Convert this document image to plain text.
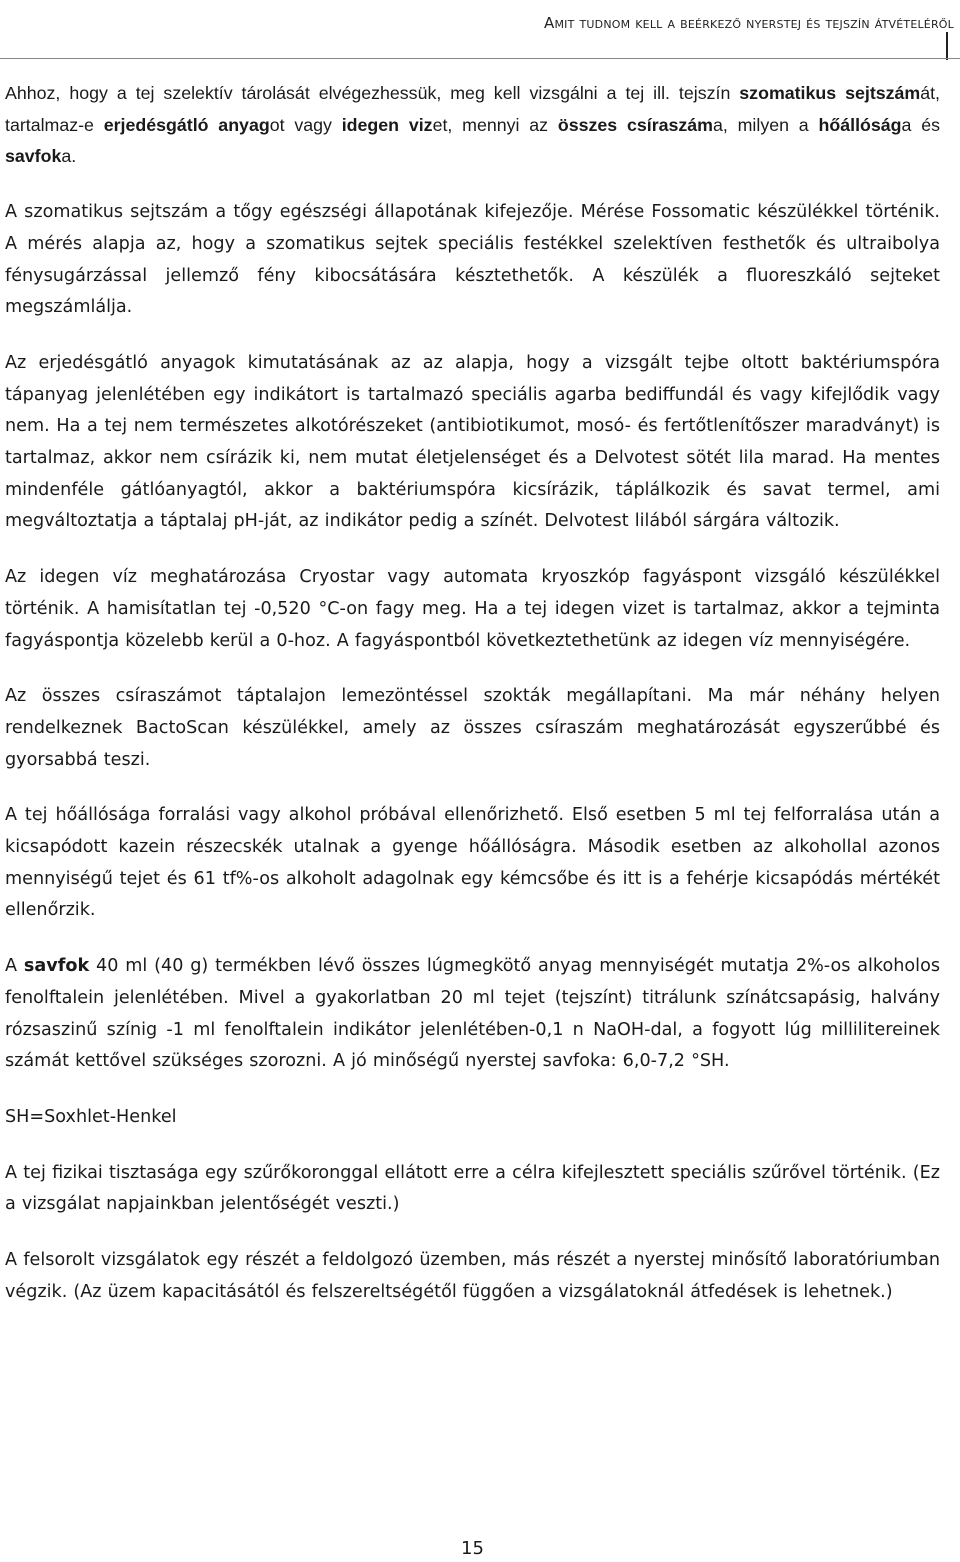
Amit tudnom kell a beérkező nyerstej és tejszín átvételéről

Ahhoz, hogy a tej szelektív tárolását elvégezhessük, meg kell vizsgálni a tej ill. tejszín szomatikus sejtszámát, tartalmaz-e erjedésgátló anyagot vagy idegen vizet, mennyi az összes csíraszáma, milyen a hőállósága és savfoka.

A szomatikus sejtszám a tőgy egészségi állapotának kifejezője. Mérése Fossomatic készülékkel történik. A mérés alapja az, hogy a szomatikus sejtek speciális festékkel szelektíven festhetők és ultraibolya fénysugárzással jellemző fény kibocsátására késztethetők. A készülék a fluoreszkáló sejteket megszámlálja.

Az erjedésgátló anyagok kimutatásának az az alapja, hogy a vizsgált tejbe oltott baktériumspóra tápanyag jelenlétében egy indikátort is tartalmazó speciális agarba bediffundál és vagy kifejlődik vagy nem. Ha a tej nem természetes alkotórészeket (antibiotikumot, mosó- és fertőtlenítőszer maradványt) is tartalmaz, akkor nem csírázik ki, nem mutat életjelenséget és a Delvotest sötét lila marad. Ha mentes mindenféle gátlóanyagtól, akkor a baktériumspóra kicsírázik, táplálkozik és savat termel, ami megváltoztatja a táptalaj pH-ját, az indikátor pedig a színét. Delvotest lilából sárgára változik.

Az idegen víz meghatározása Cryostar vagy automata kryoszkóp fagyáspont vizsgáló készülékkel történik. A hamisítatlan tej -0,520 °C-on fagy meg. Ha a tej idegen vizet is tartalmaz, akkor a tejminta fagyáspontja közelebb kerül a 0-hoz. A fagyáspontból következtethetünk az idegen víz mennyiségére.

Az összes csíraszámot táptalajon lemezöntéssel szokták megállapítani. Ma már néhány helyen rendelkeznek BactoScan készülékkel, amely az összes csíraszám meghatározását egyszerűbbé és gyorsabbá teszi.

A tej hőállósága forralási vagy alkohol próbával ellenőrizhető. Első esetben 5 ml tej felforralása után a kicsapódott kazein részecskék utalnak a gyenge hőállóságra. Második esetben az alkohollal azonos mennyiségű tejet és 61 tf%-os alkoholt adagolnak egy kémcsőbe és itt is a fehérje kicsapódás mértékét ellenőrzik.

A savfok 40 ml (40 g) termékben lévő összes lúgmegkötő anyag mennyiségét mutatja 2%-os alkoholos fenolftalein jelenlétében. Mivel a gyakorlatban 20 ml tejet (tejszínt) titrálunk színátcsapásig, halvány rózsaszinű színig -1 ml fenolftalein indikátor jelenlétében-0,1 n NaOH-dal, a fogyott lúg millilitereinek számát kettővel szükséges szorozni. A jó minőségű nyerstej savfoka: 6,0-7,2 °SH.

SH=Soxhlet-Henkel

A tej fizikai tisztasága egy szűrőkoronggal ellátott erre a célra kifejlesztett speciális szűrővel történik. (Ez a vizsgálat napjainkban jelentőségét veszti.)

A felsorolt vizsgálatok egy részét a feldolgozó üzemben, más részét a nyerstej minősítő laboratóriumban végzik. (Az üzem kapacitásától és felszereltségétől függően a vizsgálatoknál átfedések is lehetnek.)

15
